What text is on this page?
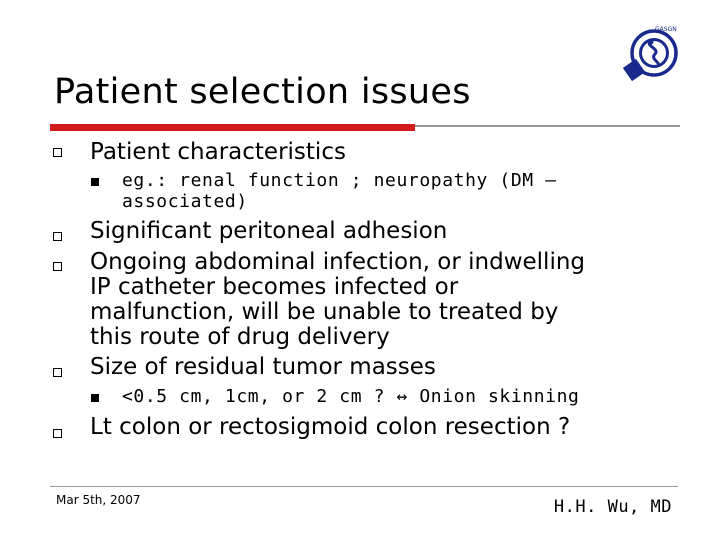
Patient selection issues
GASGN
Patient characteristics
eg.: renal function ; neuropathy (DM –
associated)
Significant peritoneal adhesion
Ongoing abdominal infection, or indwelling
IP catheter becomes infected or
malfunction, will be unable to treated by
this route of drug delivery
Size of residual tumor masses
<0.5 cm, 1cm, or 2 cm ? ↔ Onion skinning
Lt colon or rectosigmoid colon resection ?
Mar 5th, 2007	H.H. Wu, MD
